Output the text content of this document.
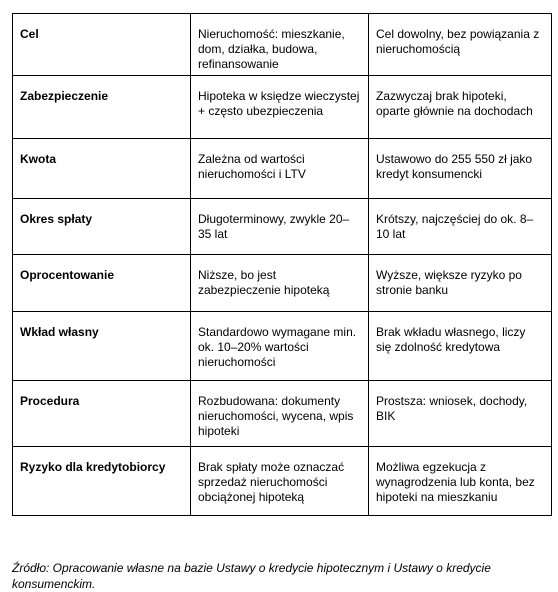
Cel	Nieruchomość: mieszkanie, dom, działka, budowa, refinansowanie	Cel dowolny, bez powiązania z nieruchomością
Zabezpieczenie	Hipoteka w księdze wieczystej + często ubezpieczenia	Zazwyczaj brak hipoteki, oparte głównie na dochodach
Kwota	Zależna od wartości nieruchomości i LTV	Ustawowo do 255 550 zł jako kredyt konsumencki
Okres spłaty	Długoterminowy, zwykle 20–35 lat	Krótszy, najczęściej do ok. 8–10 lat
Oprocentowanie	Niższe, bo jest zabezpieczenie hipoteką	Wyższe, większe ryzyko po stronie banku
Wkład własny	Standardowo wymagane min. ok. 10–20% wartości nieruchomości	Brak wkładu własnego, liczy się zdolność kredytowa
Procedura	Rozbudowana: dokumenty nieruchomości, wycena, wpis hipoteki	Prostsza: wniosek, dochody, BIK
Ryzyko dla kredytobiorcy	Brak spłaty może oznaczać sprzedaż nieruchomości obciążonej hipoteką	Możliwa egzekucja z wynagrodzenia lub konta, bez hipoteki na mieszkaniu

Źródło: Opracowanie własne na bazie Ustawy o kredycie hipotecznym i Ustawy o kredycie konsumenckim.
